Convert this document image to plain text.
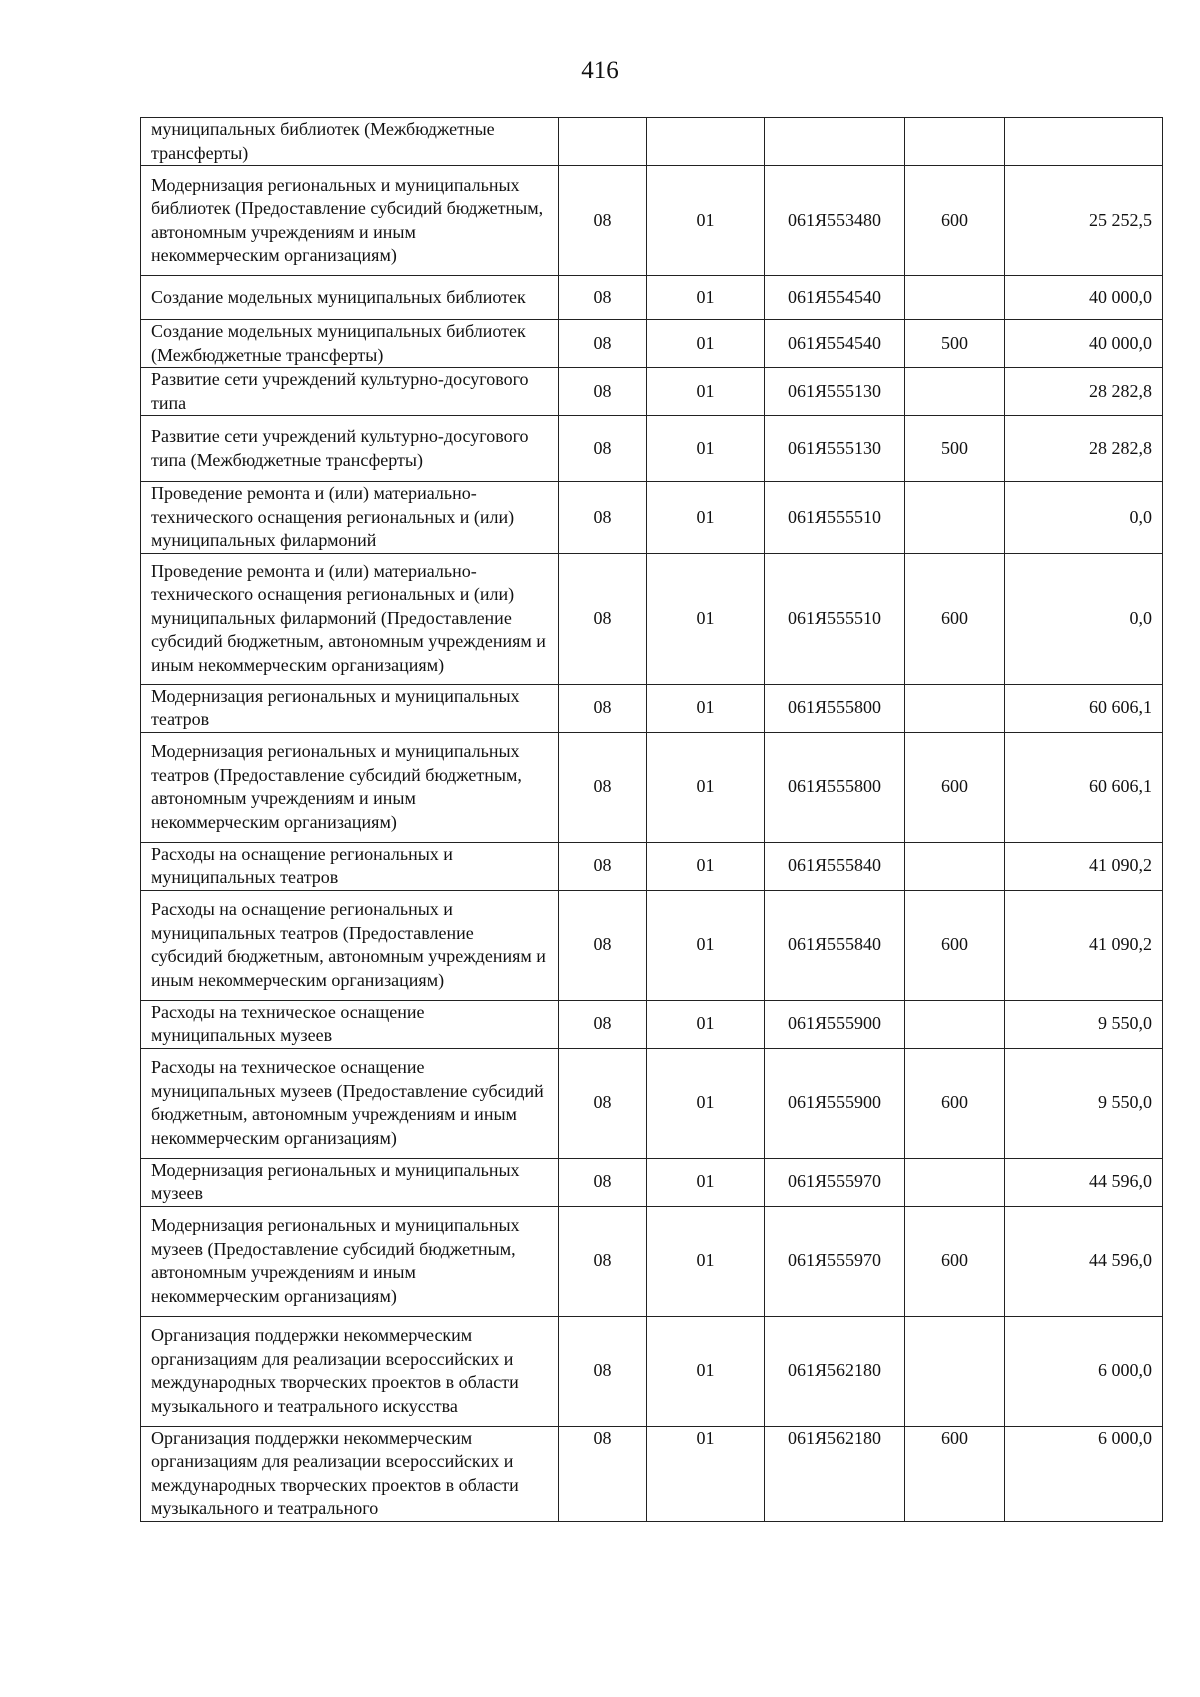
416
муниципальных библиотек (Межбюджетные трансферты)					
Модернизация региональных и муниципальных библиотек (Предоставление субсидий бюджетным, автономным учреждениям и иным некоммерческим организациям)	08	01	061Я553480	600	25 252,5
Создание модельных муниципальных библиотек	08	01	061Я554540		40 000,0
Создание модельных муниципальных библиотек (Межбюджетные трансферты)	08	01	061Я554540	500	40 000,0
Развитие сети учреждений культурно-досугового типа	08	01	061Я555130		28 282,8
Развитие сети учреждений культурно-досугового типа (Межбюджетные трансферты)	08	01	061Я555130	500	28 282,8
Проведение ремонта и (или) материально-технического оснащения региональных и (или) муниципальных филармоний	08	01	061Я555510		0,0
Проведение ремонта и (или) материально-технического оснащения региональных и (или) муниципальных филармоний (Предоставление субсидий бюджетным, автономным учреждениям и иным некоммерческим организациям)	08	01	061Я555510	600	0,0
Модернизация региональных и муниципальных театров	08	01	061Я555800		60 606,1
Модернизация региональных и муниципальных театров (Предоставление субсидий бюджетным, автономным учреждениям и иным некоммерческим организациям)	08	01	061Я555800	600	60 606,1
Расходы на оснащение региональных и муниципальных театров	08	01	061Я555840		41 090,2
Расходы на оснащение региональных и муниципальных театров (Предоставление субсидий бюджетным, автономным учреждениям и иным некоммерческим организациям)	08	01	061Я555840	600	41 090,2
Расходы на техническое оснащение муниципальных музеев	08	01	061Я555900		9 550,0
Расходы на техническое оснащение муниципальных музеев (Предоставление субсидий бюджетным, автономным учреждениям и иным некоммерческим организациям)	08	01	061Я555900	600	9 550,0
Модернизация региональных и муниципальных музеев	08	01	061Я555970		44 596,0
Модернизация региональных и муниципальных музеев (Предоставление субсидий бюджетным, автономным учреждениям и иным некоммерческим организациям)	08	01	061Я555970	600	44 596,0
Организация поддержки некоммерческим организациям для реализации всероссийских и международных творческих проектов в области музыкального и театрального искусства	08	01	061Я562180		6 000,0
Организация поддержки некоммерческим организациям для реализации всероссийских и международных творческих проектов в области музыкального и театрального	08	01	061Я562180	600	6 000,0
